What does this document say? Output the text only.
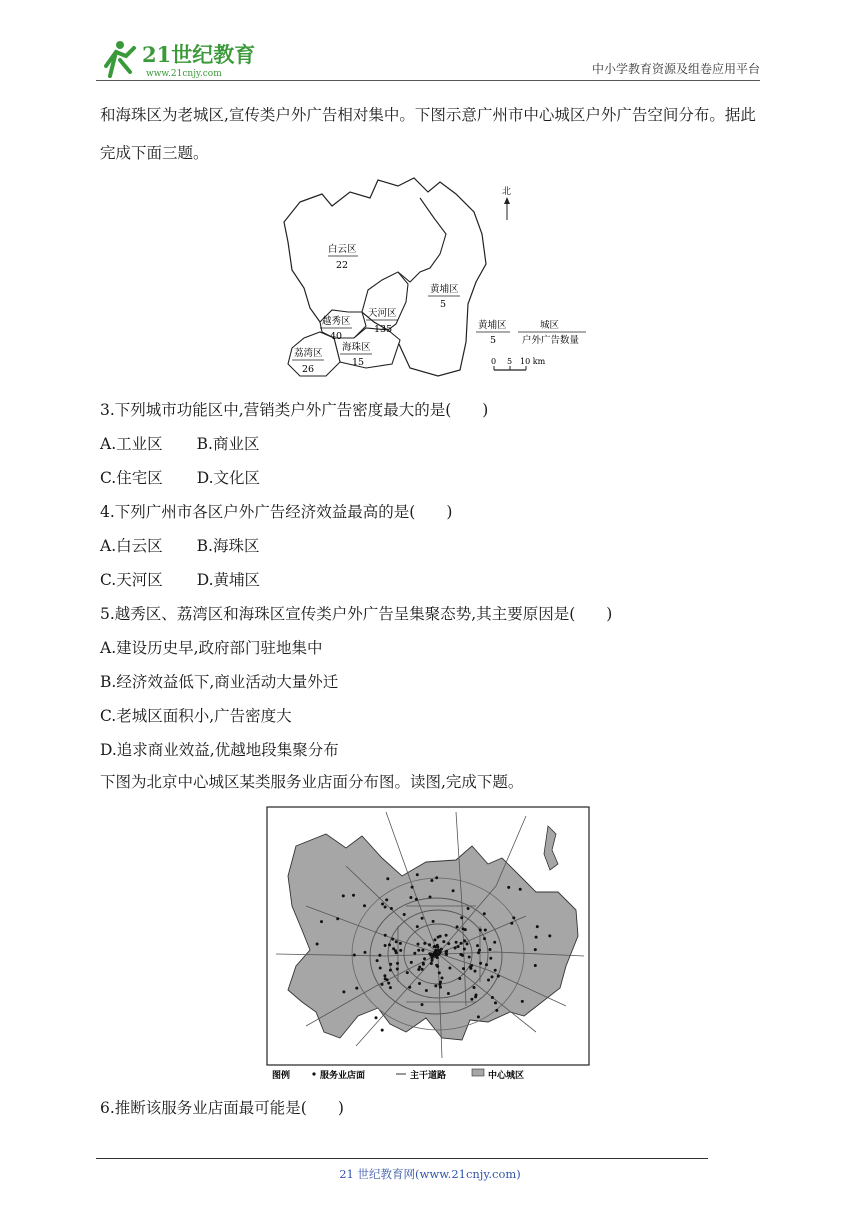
21世纪教育
www.21cnjy.com	中小学教育资源及组卷应用平台
和海珠区为老城区,宣传类户外广告相对集中。下图示意广州市中心城区户外广告空间分布。据此完成下面三题。
白云区
22
黄埔区
5
越秀区
40
天河区
135
海珠区
15
荔湾区
26
北
黄埔区
5
城区
户外广告数量
0 5 10 km
3.下列城市功能区中,营销类户外广告密度最大的是(　　)
A.工业区 B.商业区
C.住宅区 D.文化区
4.下列广州市各区户外广告经济效益最高的是(　　)
A.白云区 B.海珠区
C.天河区 D.黄埔区
5.越秀区、荔湾区和海珠区宣传类户外广告呈集聚态势,其主要原因是(　　)
A.建设历史早,政府部门驻地集中
B.经济效益低下,商业活动大量外迁
C.老城区面积小,广告密度大
D.追求商业效益,优越地段集聚分布
下图为北京中心城区某类服务业店面分布图。读图,完成下题。
图例	服务业店面	主干道路	中心城区
6.推断该服务业店面最可能是(　　)
21 世纪教育网(www.21cnjy.com)
